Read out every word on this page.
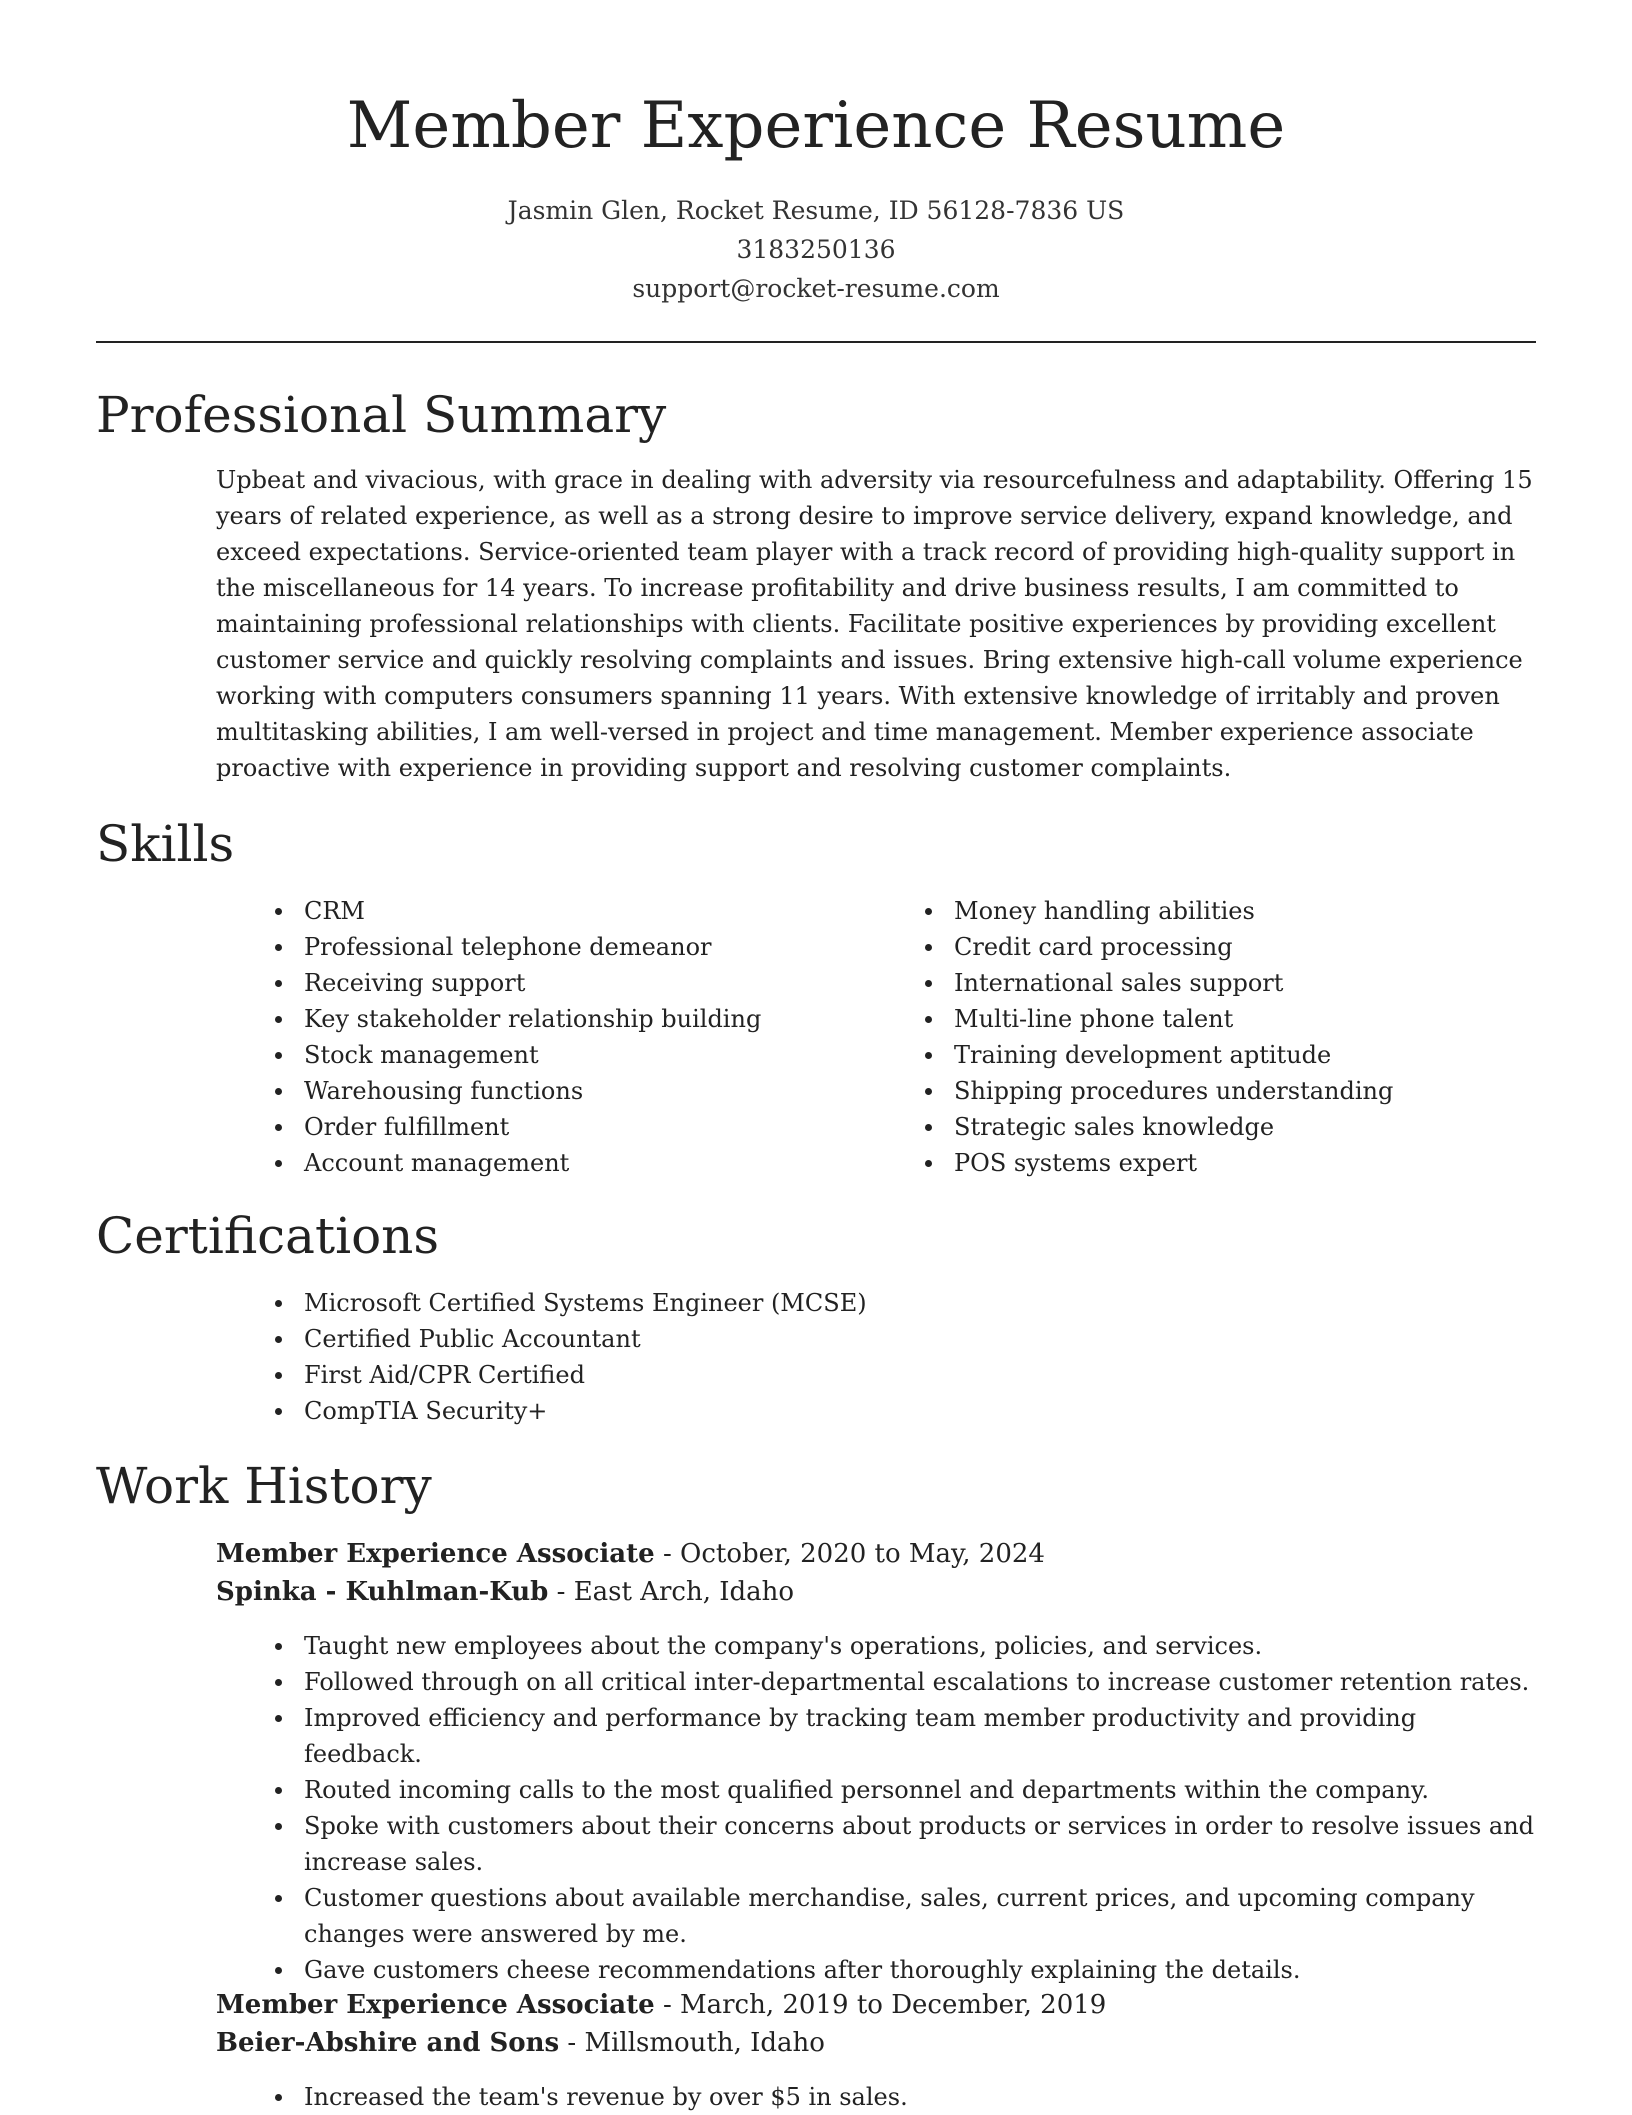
Member Experience Resume
Jasmin Glen, Rocket Resume, ID 56128-7836 US
3183250136
support@rocket-resume.com
Professional Summary
Upbeat and vivacious, with grace in dealing with adversity via resourcefulness and adaptability. Offering 15 years of related experience, as well as a strong desire to improve service delivery, expand knowledge, and exceed expectations. Service-oriented team player with a track record of providing high-quality support in the miscellaneous for 14 years. To increase profitability and drive business results, I am committed to maintaining professional relationships with clients. Facilitate positive experiences by providing excellent customer service and quickly resolving complaints and issues. Bring extensive high-call volume experience working with computers consumers spanning 11 years. With extensive knowledge of irritably and proven multitasking abilities, I am well-versed in project and time management. Member experience associate proactive with experience in providing support and resolving customer complaints.
Skills
CRM
Professional telephone demeanor
Receiving support
Key stakeholder relationship building
Stock management
Warehousing functions
Order fulfillment
Account management
Money handling abilities
Credit card processing
International sales support
Multi-line phone talent
Training development aptitude
Shipping procedures understanding
Strategic sales knowledge
POS systems expert
Certifications
Microsoft Certified Systems Engineer (MCSE)
Certified Public Accountant
First Aid/CPR Certified
CompTIA Security+
Work History
Member Experience Associate - October, 2020 to May, 2024
Spinka - Kuhlman-Kub - East Arch, Idaho
Taught new employees about the company's operations, policies, and services.
Followed through on all critical inter-departmental escalations to increase customer retention rates.
Improved efficiency and performance by tracking team member productivity and providing feedback.
Routed incoming calls to the most qualified personnel and departments within the company.
Spoke with customers about their concerns about products or services in order to resolve issues and increase sales.
Customer questions about available merchandise, sales, current prices, and upcoming company changes were answered by me.
Gave customers cheese recommendations after thoroughly explaining the details.
Member Experience Associate - March, 2019 to December, 2019
Beier-Abshire and Sons - Millsmouth, Idaho
Increased the team's revenue by over $5 in sales.
